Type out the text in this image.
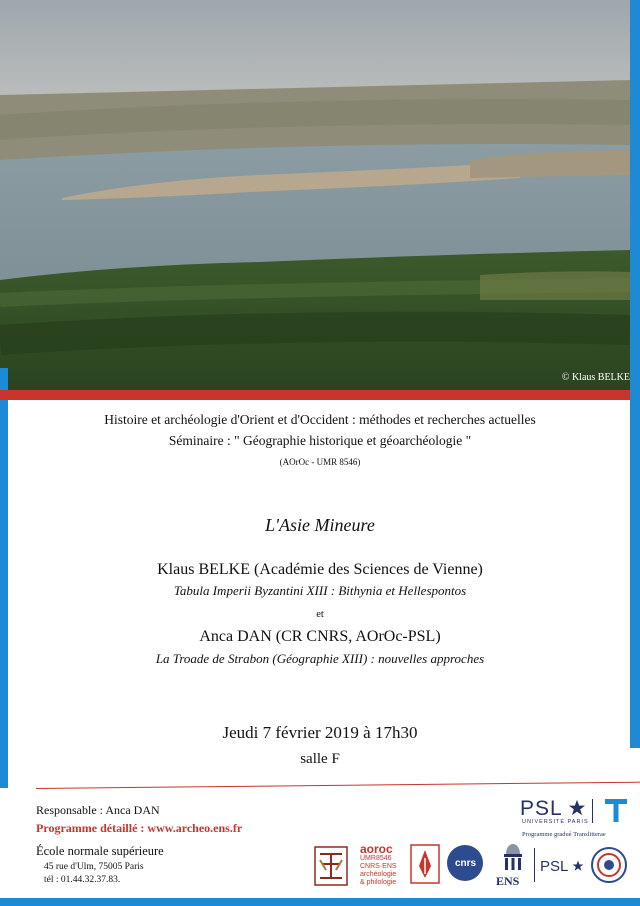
© Klaus BELKE
Histoire et archéologie d'Orient et d'Occident : méthodes et recherches actuelles
Séminaire : " Géographie historique et géoarchéologie "
(AOrOc - UMR 8546)
L'Asie Mineure
Klaus BELKE (Académie des Sciences de Vienne)
Tabula Imperii Byzantini XIII : Bithynia et Hellespontos
et
Anca DAN (CR CNRS, AOrOc-PSL)
La Troade de Strabon (Géographie XIII) : nouvelles approches
Jeudi 7 février 2019 à 17h30
salle F
Responsable : Anca DAN
Programme détaillé : www.archeo.ens.fr
École normale supérieure
45 rue d'Ulm, 75005 Paris
tél : 01.44.32.37.83.
PSL
UNIVERSITÉ PARIS
Programme gradué Translitterae
aoroc
UMR8546 CNRS·ENS archéologie & philologie
cnrs
ENS
PSL
